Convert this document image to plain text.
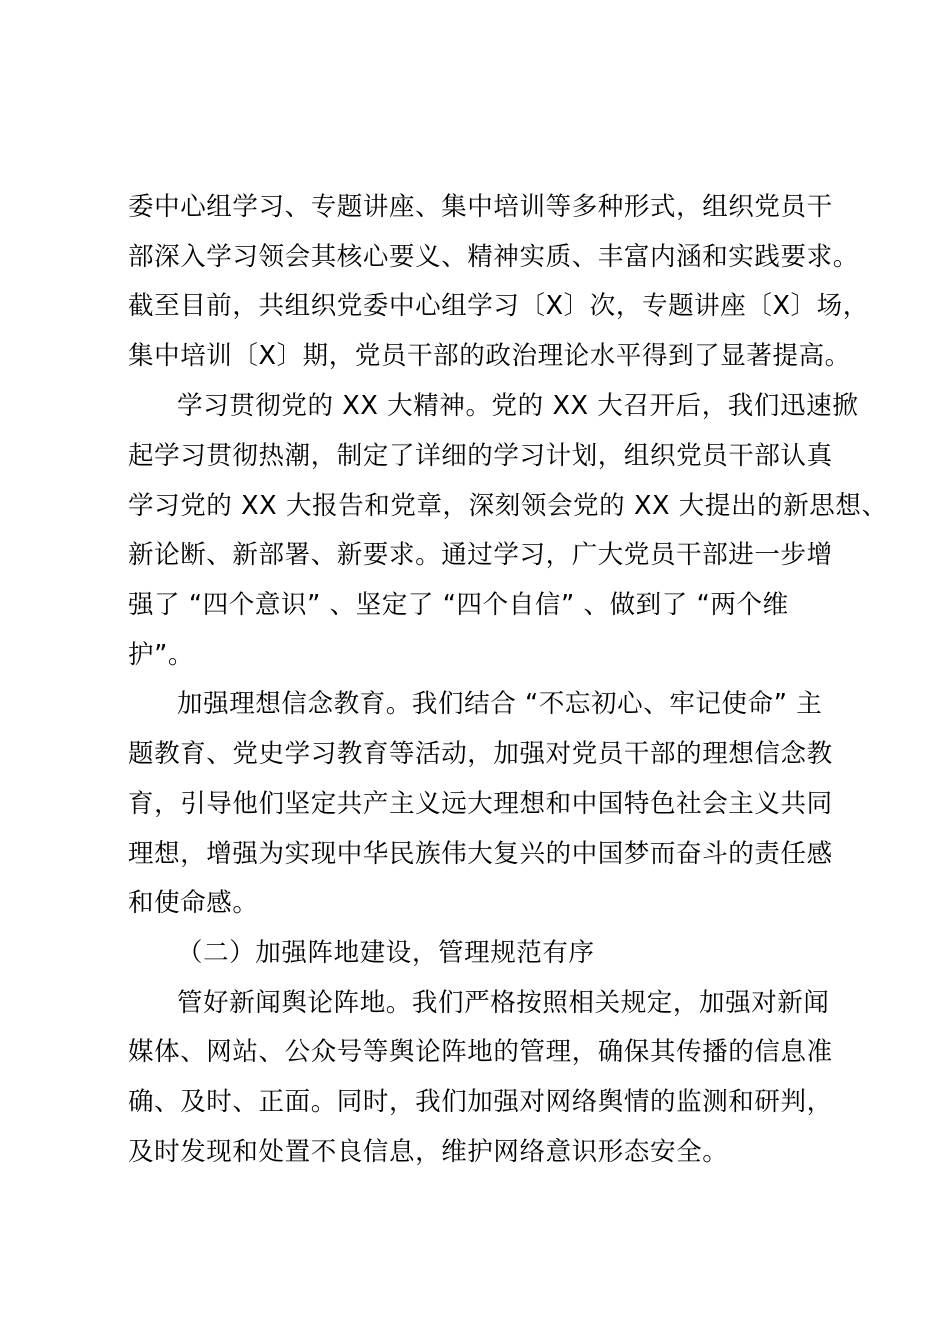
委中心组学习、专题讲座、集中培训等多种形式，组织党员干
部深入学习领会其核心要义、精神实质、丰富内涵和实践要求。
截至目前，共组织党委中心组学习〔X〕次，专题讲座〔X〕场，
集中培训〔X〕期，党员干部的政治理论水平得到了显著提高。
学习贯彻党的 XX 大精神。党的 XX 大召开后，我们迅速掀
起学习贯彻热潮，制定了详细的学习计划，组织党员干部认真
学习党的 XX 大报告和党章，深刻领会党的 XX 大提出的新思想、
新论断、新部署、新要求。通过学习，广大党员干部进一步增
强了 “四个意识” 、坚定了 “四个自信” 、做到了 “两个维
护”。
加强理想信念教育。我们结合 “不忘初心、牢记使命” 主
题教育、党史学习教育等活动，加强对党员干部的理想信念教
育，引导他们坚定共产主义远大理想和中国特色社会主义共同
理想，增强为实现中华民族伟大复兴的中国梦而奋斗的责任感
和使命感。
（二）加强阵地建设，管理规范有序
管好新闻舆论阵地。我们严格按照相关规定，加强对新闻
媒体、网站、公众号等舆论阵地的管理，确保其传播的信息准
确、及时、正面。同时，我们加强对网络舆情的监测和研判，
及时发现和处置不良信息，维护网络意识形态安全。
